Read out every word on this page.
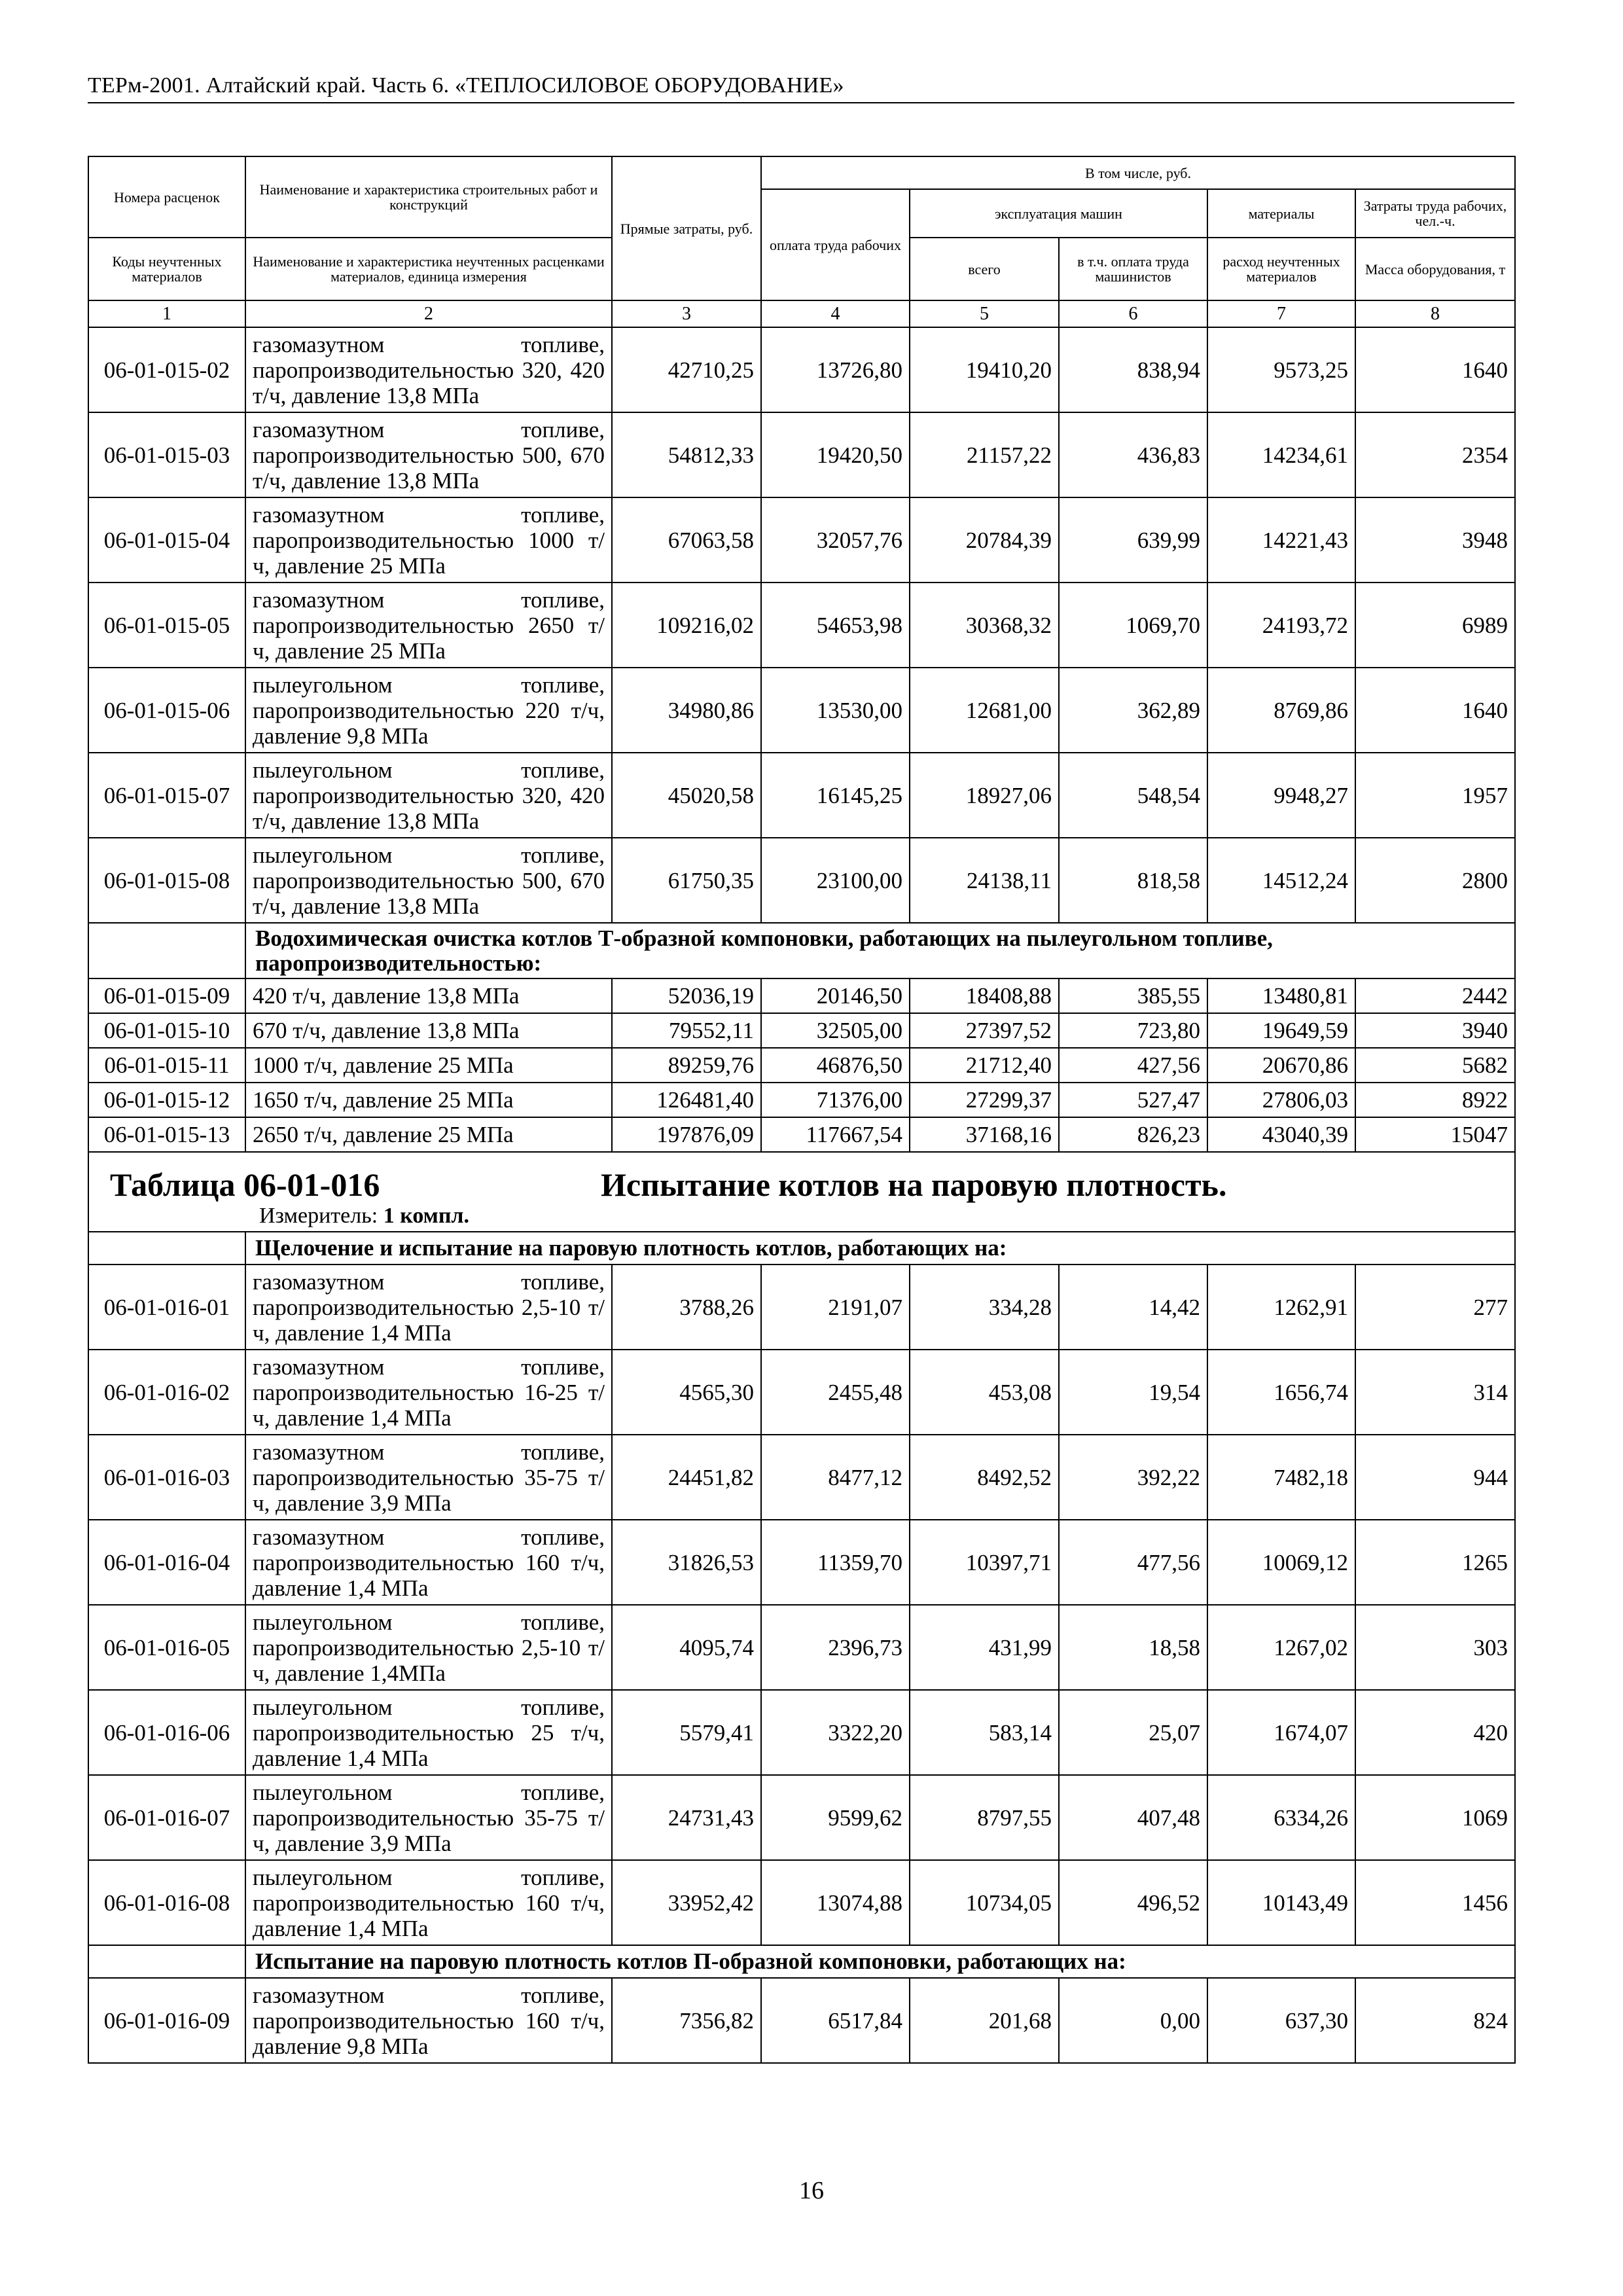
ТЕРм-2001. Алтайский край. Часть 6. «ТЕПЛОСИЛОВОЕ ОБОРУДОВАНИЕ»
Номера расценок	Наименование и характеристика строительных работ и конструкций	Прямые затраты, руб.	В том числе, руб.				
			оплата труда рабочих	эксплуатация машин		материалы	Затраты труда рабочих, чел.-ч.
Коды неучтенных материалов	Наименование и характеристика неучтенных расценками материалов, единица измерения			всего	в т.ч. оплата труда машинистов	расход неучтенных материалов	Масса оборудования, т
1	2	3	4	5	6	7	8
06-01-015-02	газомазутном топливе, паропроизводительностью 320, 420 т/ч, давление 13,8 МПа	42710,25	13726,80	19410,20	838,94	9573,25	1640
06-01-015-03	газомазутном топливе, паропроизводительностью 500, 670 т/ч, давление 13,8 МПа	54812,33	19420,50	21157,22	436,83	14234,61	2354
06-01-015-04	газомазутном топливе, паропроизводительностью 1000 т/ч, давление 25 МПа	67063,58	32057,76	20784,39	639,99	14221,43	3948
06-01-015-05	газомазутном топливе, паропроизводительностью 2650 т/ч, давление 25 МПа	109216,02	54653,98	30368,32	1069,70	24193,72	6989
06-01-015-06	пылеугольном топливе, паропроизводительностью 220 т/ч, давление 9,8 МПа	34980,86	13530,00	12681,00	362,89	8769,86	1640
06-01-015-07	пылеугольном топливе, паропроизводительностью 320, 420 т/ч, давление 13,8 МПа	45020,58	16145,25	18927,06	548,54	9948,27	1957
06-01-015-08	пылеугольном топливе, паропроизводительностью 500, 670 т/ч, давление 13,8 МПа	61750,35	23100,00	24138,11	818,58	14512,24	2800
	Водохимическая очистка котлов Т-образной компоновки, работающих на пылеугольном топливе, паропроизводительностью:						
06-01-015-09	420 т/ч, давление 13,8 МПа	52036,19	20146,50	18408,88	385,55	13480,81	2442
06-01-015-10	670 т/ч, давление 13,8 МПа	79552,11	32505,00	27397,52	723,80	19649,59	3940
06-01-015-11	1000 т/ч, давление 25 МПа	89259,76	46876,50	21712,40	427,56	20670,86	5682
06-01-015-12	1650 т/ч, давление 25 МПа	126481,40	71376,00	27299,37	527,47	27806,03	8922
06-01-015-13	2650 т/ч, давление 25 МПа	197876,09	117667,54	37168,16	826,23	43040,39	15047

Таблица 06-01-016 Испытание котлов на паровую плотность.
Измеритель: 1 компл.							

	Щелочение и испытание на паровую плотность котлов, работающих на:						
06-01-016-01	газомазутном топливе, паропроизводительностью 2,5-10 т/ч, давление 1,4 МПа	3788,26	2191,07	334,28	14,42	1262,91	277
06-01-016-02	газомазутном топливе, паропроизводительностью 16-25 т/ч, давление 1,4 МПа	4565,30	2455,48	453,08	19,54	1656,74	314
06-01-016-03	газомазутном топливе, паропроизводительностью 35-75 т/ч, давление 3,9 МПа	24451,82	8477,12	8492,52	392,22	7482,18	944
06-01-016-04	газомазутном топливе, паропроизводительностью 160 т/ч, давление 1,4 МПа	31826,53	11359,70	10397,71	477,56	10069,12	1265
06-01-016-05	пылеугольном топливе, паропроизводительностью 2,5-10 т/ч, давление 1,4МПа	4095,74	2396,73	431,99	18,58	1267,02	303
06-01-016-06	пылеугольном топливе, паропроизводительностью 25 т/ч, давление 1,4 МПа	5579,41	3322,20	583,14	25,07	1674,07	420
06-01-016-07	пылеугольном топливе, паропроизводительностью 35-75 т/ч, давление 3,9 МПа	24731,43	9599,62	8797,55	407,48	6334,26	1069
06-01-016-08	пылеугольном топливе, паропроизводительностью 160 т/ч, давление 1,4 МПа	33952,42	13074,88	10734,05	496,52	10143,49	1456
	Испытание на паровую плотность котлов П-образной компоновки, работающих на:						
06-01-016-09	газомазутном топливе, паропроизводительностью 160 т/ч, давление 9,8 МПа	7356,82	6517,84	201,68	0,00	637,30	824
16
